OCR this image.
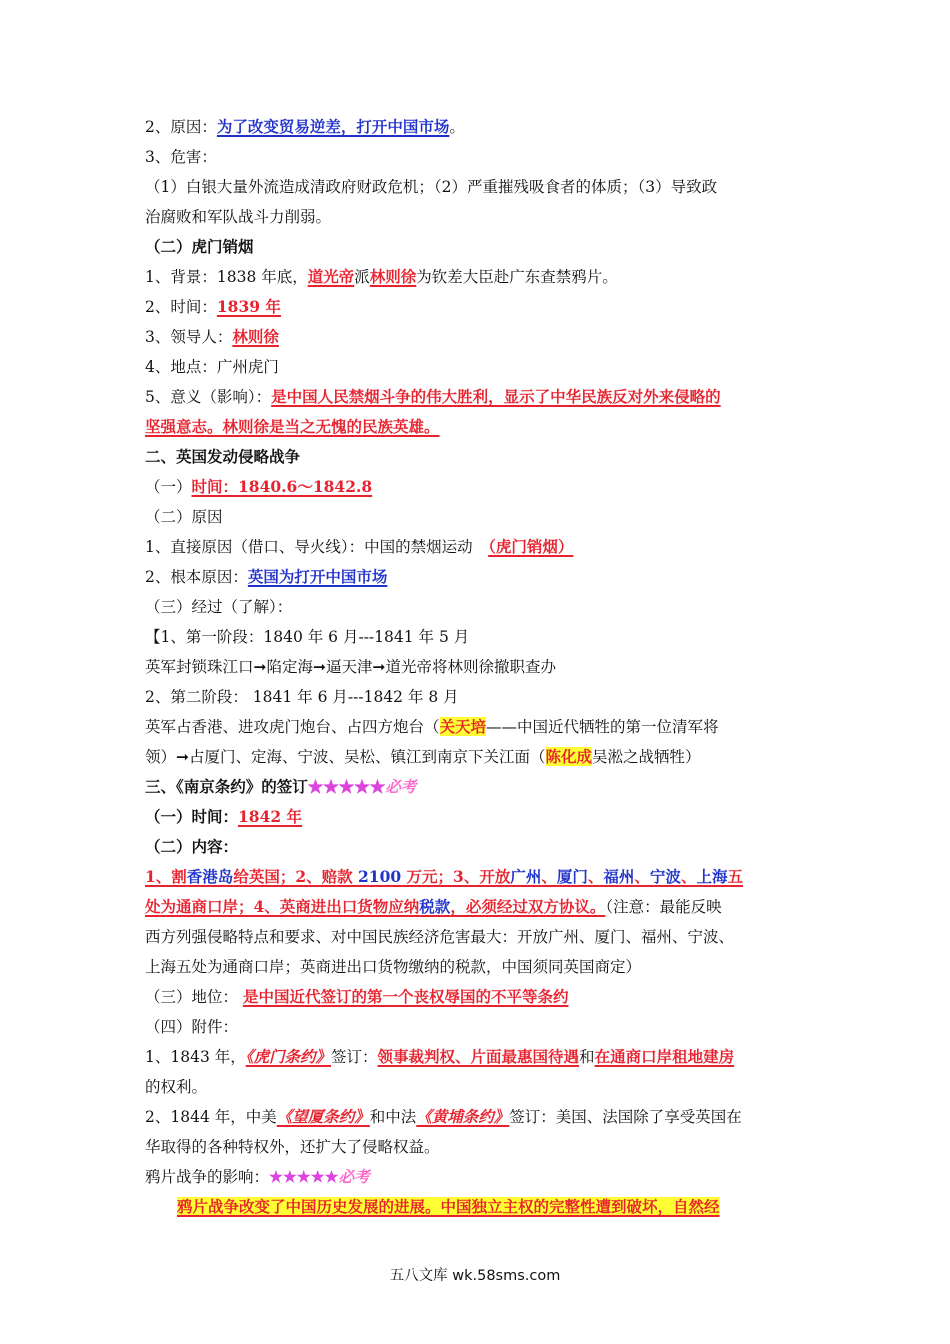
2、原因：为了改变贸易逆差，打开中国市场。
3、危害：
（1）白银大量外流造成清政府财政危机；（2）严重摧残吸食者的体质；（3）导致政
治腐败和军队战斗力削弱。
（二）虎门销烟
1、背景：1838 年底，道光帝派林则徐为钦差大臣赴广东查禁鸦片。
2、时间：1839 年
3、领导人：林则徐
4、地点：广州虎门
5、意义（影响）：是中国人民禁烟斗争的伟大胜利，显示了中华民族反对外来侵略的
坚强意志。林则徐是当之无愧的民族英雄。
二、英国发动侵略战争
（一）时间：1840.6～1842.8
（二）原因
1、直接原因（借口、导火线）：中国的禁烟运动　（虎门销烟）
2、根本原因：英国为打开中国市场
（三）经过（了解）：
【1、第一阶段：1840 年 6 月---1841 年 5 月
英军封锁珠江口➞陷定海➞逼天津➞道光帝将林则徐撤职查办
2、第二阶段： 1841 年 6 月---1842 年 8 月
英军占香港、进攻虎门炮台、占四方炮台（关天培——中国近代牺牲的第一位清军将
领）➞占厦门、定海、宁波、吴松、镇江到南京下关江面（陈化成吴淞之战牺牲）
三、《南京条约》的签订★★★★★必考
（一）时间：1842 年
（二）内容：
1、割香港岛给英国；2、赔款 2100 万元；3、开放广州、厦门、福州、宁波、上海五
处为通商口岸；4、英商进出口货物应纳税款，必须经过双方协议。（注意：最能反映
西方列强侵略特点和要求、对中国民族经济危害最大：开放广州、厦门、福州、宁波、
上海五处为通商口岸；英商进出口货物缴纳的税款，中国须同英国商定）
（三）地位： 是中国近代签订的第一个丧权辱国的不平等条约
（四）附件：
1、1843 年，《虎门条约》签订：领事裁判权、片面最惠国待遇和在通商口岸租地建房
的权利。
2、1844 年，中美《望厦条约》和中法《黄埔条约》签订：美国、法国除了享受英国在
华取得的各种特权外，还扩大了侵略权益。
鸦片战争的影响：★★★★★必考
鸦片战争改变了中国历史发展的进展。中国独立主权的完整性遭到破坏，自然经
五八文库 wk.58sms.com
